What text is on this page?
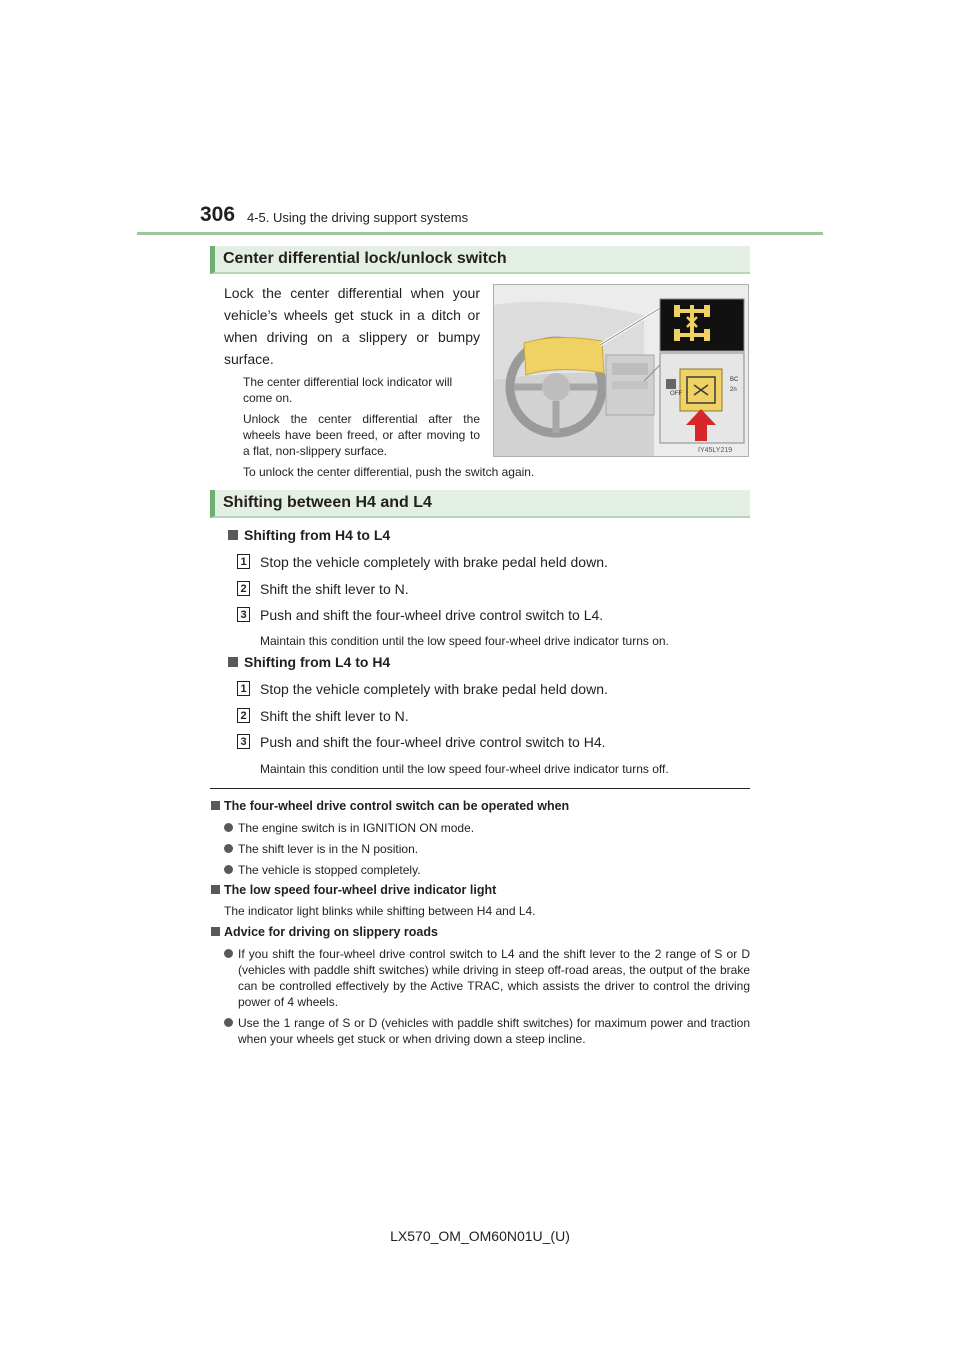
306 4-5. Using the driving support systems
Center differential lock/unlock switch
Lock the center differential when your vehicle’s wheels get stuck in a ditch or when driving on a slippery or bumpy surface.
The center differential lock indicator will come on.
Unlock the center differential after the wheels have been freed, or after moving to a flat, non-slippery surface.
To unlock the center differential, push the switch again.
OFF
BC
2n
IY45LY219
Shifting between H4 and L4
Shifting from H4 to L4
1 Stop the vehicle completely with brake pedal held down.
2 Shift the shift lever to N.
3 Push and shift the four-wheel drive control switch to L4.
Maintain this condition until the low speed four-wheel drive indicator turns on.
Shifting from L4 to H4
1 Stop the vehicle completely with brake pedal held down.
2 Shift the shift lever to N.
3 Push and shift the four-wheel drive control switch to H4.
Maintain this condition until the low speed four-wheel drive indicator turns off.
The four-wheel drive control switch can be operated when
The engine switch is in IGNITION ON mode.
The shift lever is in the N position.
The vehicle is stopped completely.
The low speed four-wheel drive indicator light
The indicator light blinks while shifting between H4 and L4.
Advice for driving on slippery roads
If you shift the four-wheel drive control switch to L4 and the shift lever to the 2 range of S or D (vehicles with paddle shift switches) while driving in steep off-road areas, the output of the brake can be controlled effectively by the Active TRAC, which assists the driver to control the driving power of 4 wheels.
Use the 1 range of S or D (vehicles with paddle shift switches) for maximum power and traction when your wheels get stuck or when driving down a steep incline.
LX570_OM_OM60N01U_(U)
